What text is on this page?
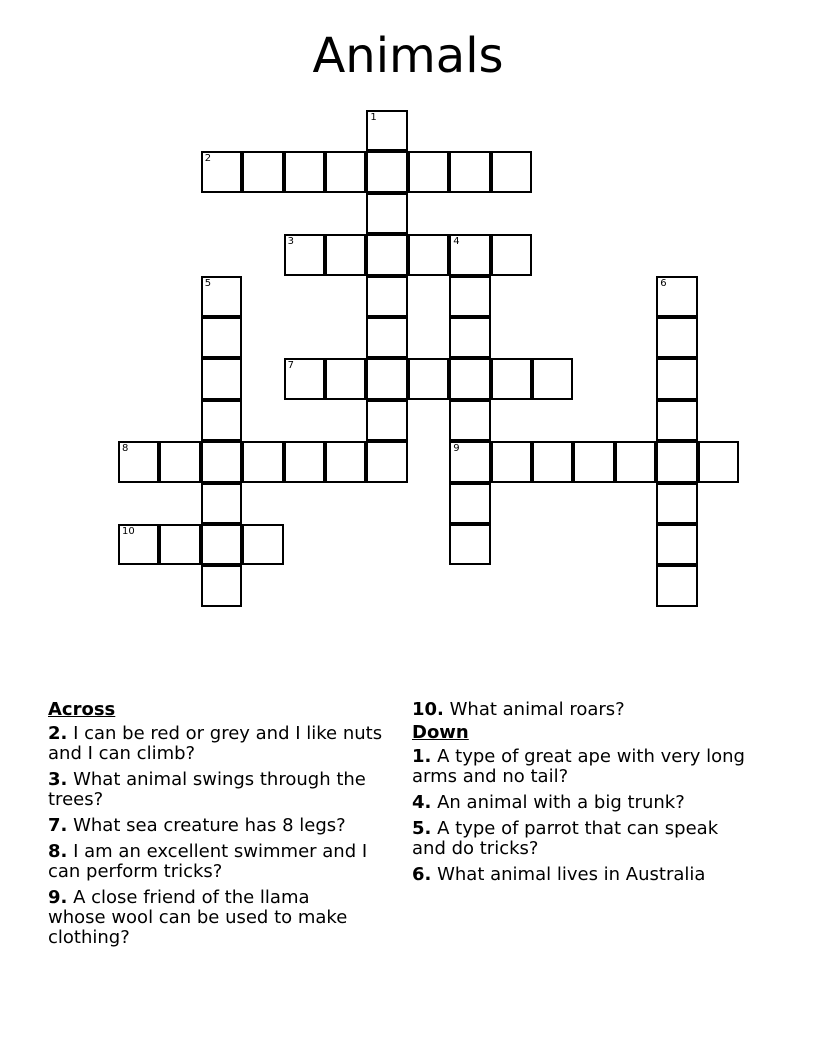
Animals
1
2
3	4
9
5	6
7
8
10
Across

2. I can be red or grey and I like nuts and I can climb?

3. What animal swings through the trees?

7. What sea creature has 8 legs?

8. I am an excellent swimmer and I can perform tricks?

9. A close friend of the llama whose wool can be used to make clothing?

10. What animal roars?

Down

1. A type of great ape with very long arms and no tail?

4. An animal with a big trunk?

5. A type of parrot that can speak and do tricks?

6. What animal lives in Australia
